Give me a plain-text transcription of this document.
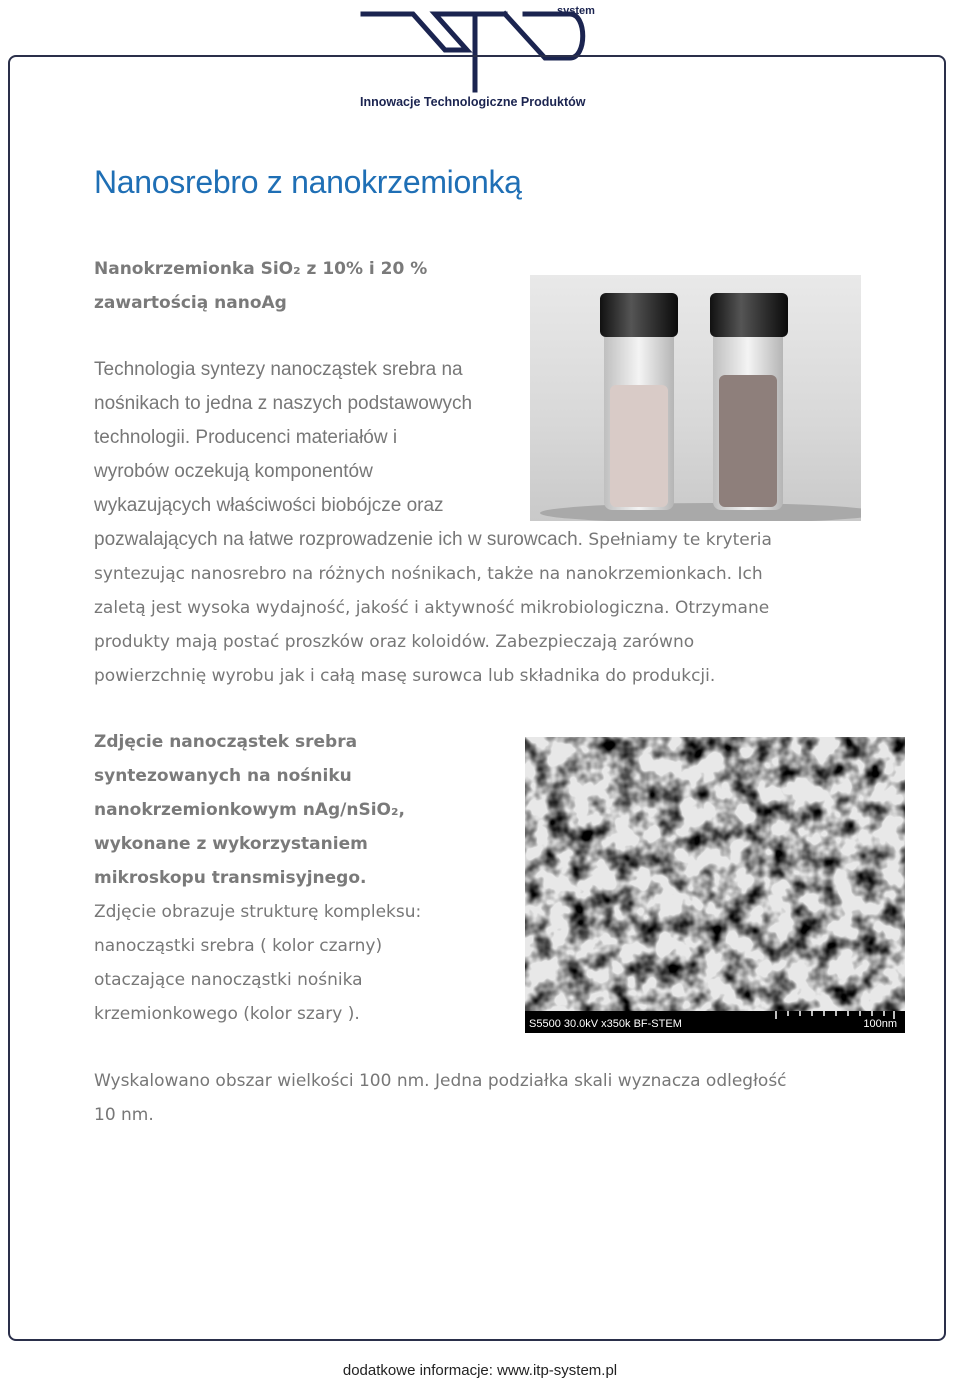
system
Innowacje Technologiczne Produktów
Nanosrebro z nanokrzemionką

Nanokrzemionka SiO₂ z 10% i 20 %

zawartością nanoAg

Technologia syntezy nanocząstek srebra na

nośnikach to jedna z naszych podstawowych

technologii. Producenci materiałów i

wyrobów oczekują komponentów

wykazujących właściwości biobójcze oraz

pozwalających na łatwe rozprowadzenie ich w surowcach. Spełniamy te kryteria

syntezując nanosrebro na różnych nośnikach, także na nanokrzemionkach. Ich

zaletą jest wysoka wydajność, jakość i aktywność mikrobiologiczna. Otrzymane

produkty mają postać proszków oraz koloidów. Zabezpieczają zarówno

powierzchnię wyrobu jak i całą masę surowca lub składnika do produkcji.

Zdjęcie nanocząstek srebra

syntezowanych na nośniku

nanokrzemionkowym nAg/nSiO₂,

wykonane z wykorzystaniem

mikroskopu transmisyjnego.

Zdjęcie obrazuje strukturę kompleksu:

nanocząstki srebra ( kolor czarny)

otaczające nanocząstki nośnika

krzemionkowego (kolor szary ).	S5500 30.0kV x350k BF-STEM	100nm

Wyskalowano obszar wielkości 100 nm. Jedna podziałka skali wyznacza odległość

10 nm.

dodatkowe informacje: www.itp-system.pl
